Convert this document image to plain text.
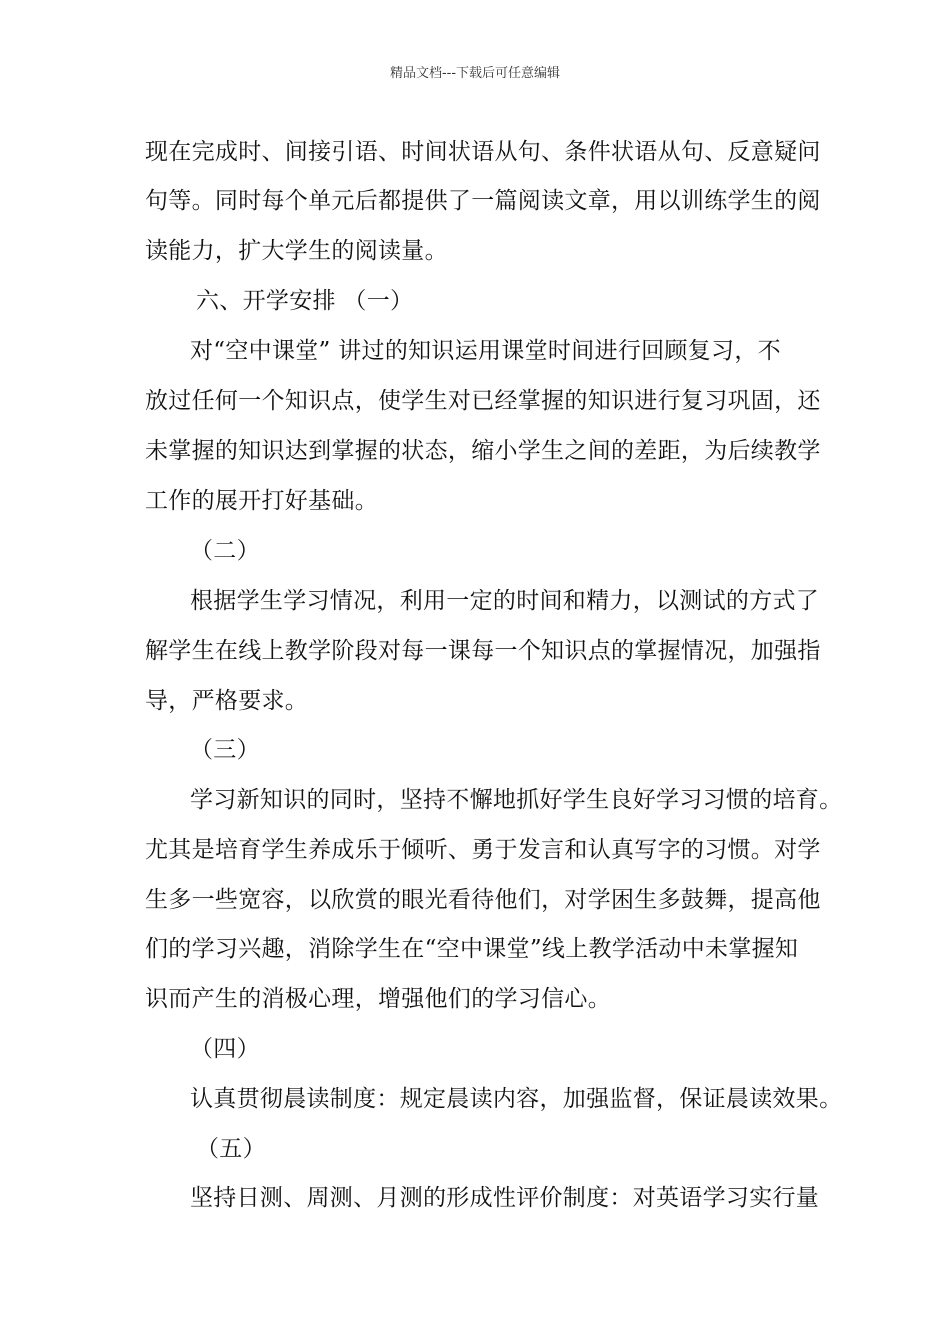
精品文档---下载后可任意编辑
现在完成时、间接引语、时间状语从句、条件状语从句、反意疑问
句等。同时每个单元后都提供了一篇阅读文章，用以训练学生的阅
读能力，扩大学生的阅读量。
六、开学安排 （一）
对“空中课堂” 讲过的知识运用课堂时间进行回顾复习，不
放过任何一个知识点，使学生对已经掌握的知识进行复习巩固，还
未掌握的知识达到掌握的状态，缩小学生之间的差距，为后续教学
工作的展开打好基础。
（二）
根据学生学习情况，利用一定的时间和精力，以测试的方式了
解学生在线上教学阶段对每一课每一个知识点的掌握情况，加强指
导，严格要求。
（三）
学习新知识的同时，坚持不懈地抓好学生良好学习习惯的培育。
尤其是培育学生养成乐于倾听、勇于发言和认真写字的习惯。对学
生多一些宽容，以欣赏的眼光看待他们，对学困生多鼓舞，提高他
们的学习兴趣，消除学生在“空中课堂”线上教学活动中未掌握知
识而产生的消极心理，增强他们的学习信心。
（四）
认真贯彻晨读制度：规定晨读内容，加强监督，保证晨读效果。
（五）
坚持日测、周测、月测的形成性评价制度：对英语学习实行量
